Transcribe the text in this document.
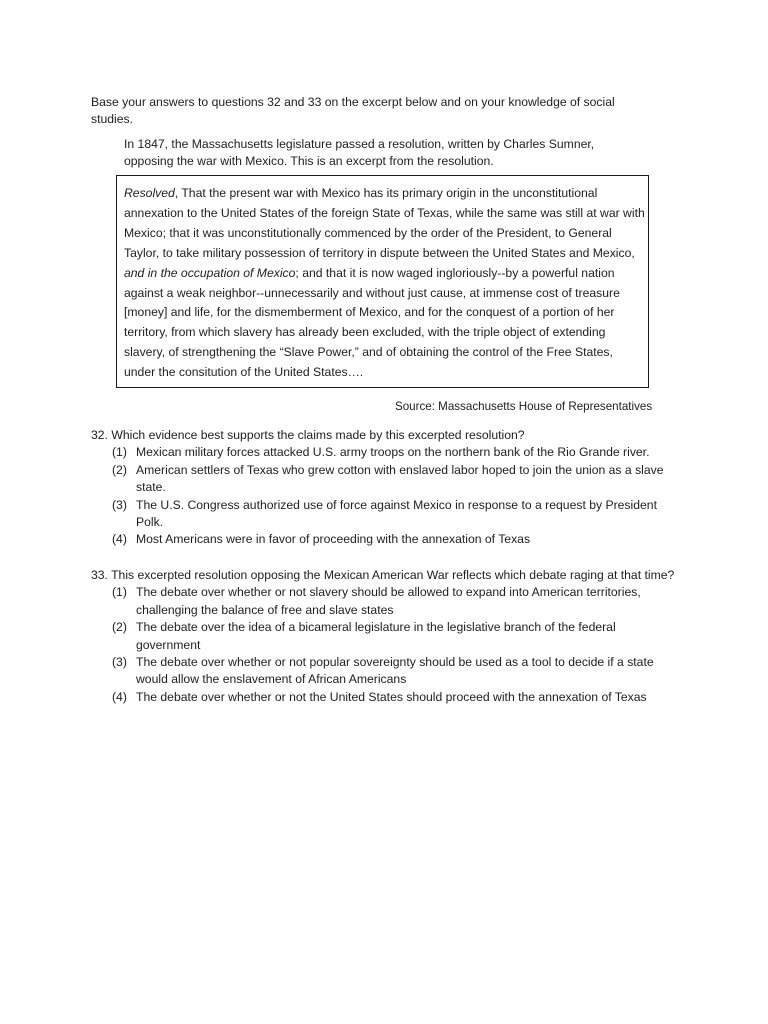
Base your answers to questions 32 and 33 on the excerpt below and on your knowledge of social studies.
In 1847, the Massachusetts legislature passed a resolution, written by Charles Sumner, opposing the war with Mexico. This is an excerpt from the resolution.
Resolved, That the present war with Mexico has its primary origin in the unconstitutional annexation to the United States of the foreign State of Texas, while the same was still at war with Mexico; that it was unconstitutionally commenced by the order of the President, to General Taylor, to take military possession of territory in dispute between the United States and Mexico, and in the occupation of Mexico; and that it is now waged ingloriously--by a powerful nation against a weak neighbor--unnecessarily and without just cause, at immense cost of treasure [money] and life, for the dismemberment of Mexico, and for the conquest of a portion of her territory, from which slavery has already been excluded, with the triple object of extending slavery, of strengthening the “Slave Power,” and of obtaining the control of the Free States, under the consitution of the United States….
Source: Massachusetts House of Representatives
32. Which evidence best supports the claims made by this excerpted resolution?
(1) Mexican military forces attacked U.S. army troops on the northern bank of the Rio Grande river.
(2) American settlers of Texas who grew cotton with enslaved labor hoped to join the union as a slave state.
(3) The U.S. Congress authorized use of force against Mexico in response to a request by President Polk.
(4) Most Americans were in favor of proceeding with the annexation of Texas
33. This excerpted resolution opposing the Mexican American War reflects which debate raging at that time?
(1) The debate over whether or not slavery should be allowed to expand into American territories, challenging the balance of free and slave states
(2) The debate over the idea of a bicameral legislature in the legislative branch of the federal government
(3) The debate over whether or not popular sovereignty should be used as a tool to decide if a state would allow the enslavement of African Americans
(4) The debate over whether or not the United States should proceed with the annexation of Texas
